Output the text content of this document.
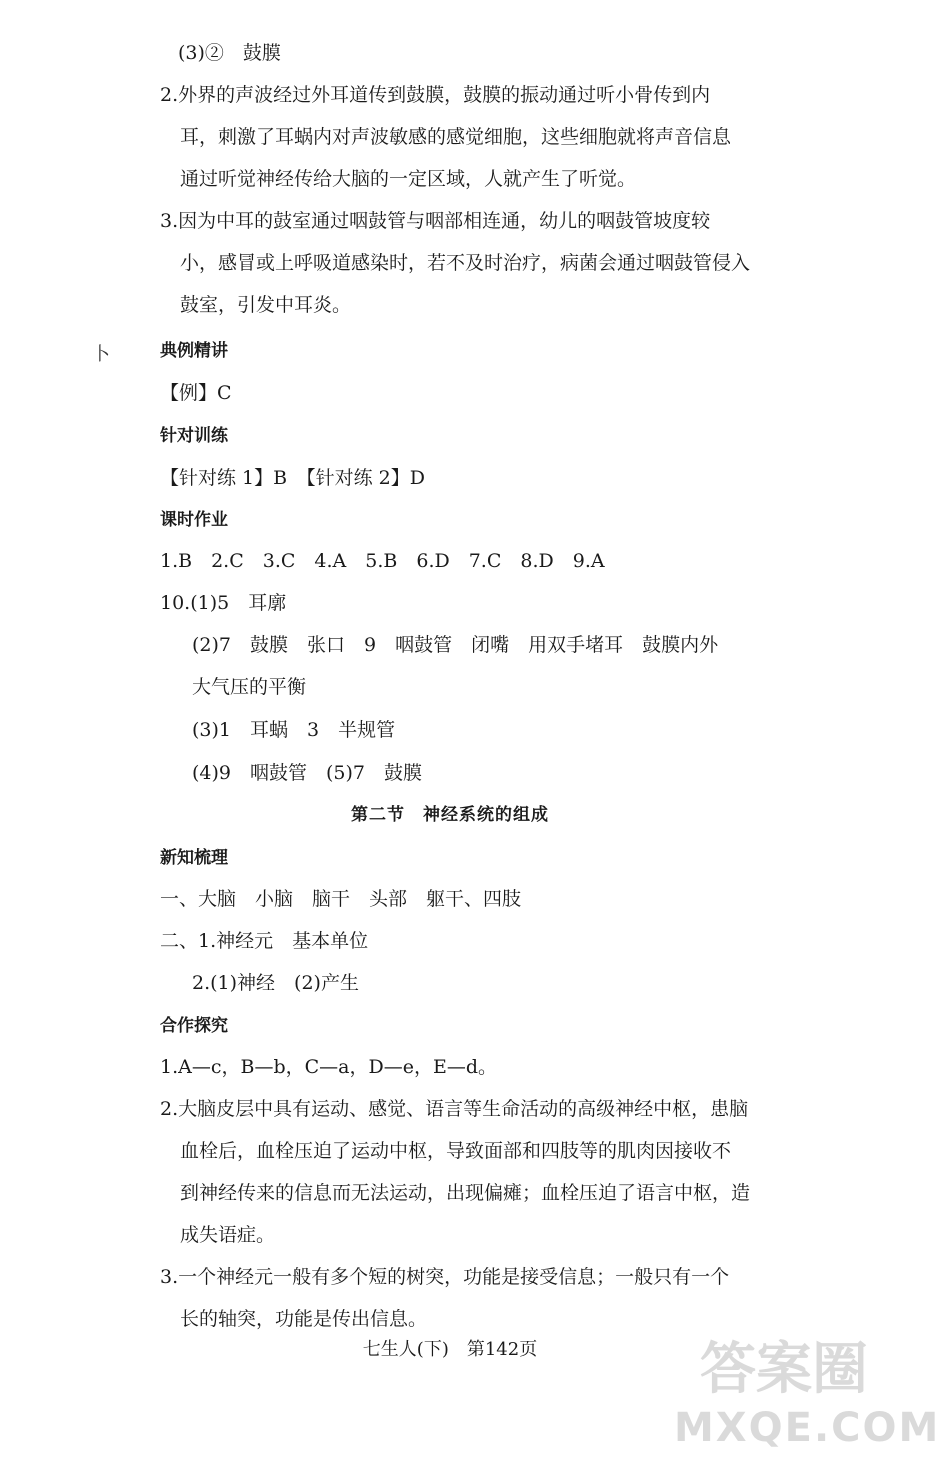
(3)②　鼓膜
2.外界的声波经过外耳道传到鼓膜，鼓膜的振动通过听小骨传到内
耳，刺激了耳蜗内对声波敏感的感觉细胞，这些细胞就将声音信息
通过听觉神经传给大脑的一定区域，人就产生了听觉。
3.因为中耳的鼓室通过咽鼓管与咽部相连通，幼儿的咽鼓管坡度较
小，感冒或上呼吸道感染时，若不及时治疗，病菌会通过咽鼓管侵入
鼓室，引发中耳炎。
卜	典例精讲
【例】C
针对训练
【针对练 1】B　【针对练 2】D
课时作业
1.B　2.C　3.C　4.A　5.B　6.D　7.C　8.D　9.A
10.(1)5　耳廓
(2)7　鼓膜　张口　9　咽鼓管　闭嘴　用双手堵耳　鼓膜内外
大气压的平衡
(3)1　耳蜗　3　半规管
(4)9　咽鼓管　(5)7　鼓膜
第二节　神经系统的组成
新知梳理
一、大脑　小脑　脑干　头部　躯干、四肢
二、1.神经元　基本单位
2.(1)神经　(2)产生
合作探究
1.A—c，B—b，C—a，D—e，E—d。
2.大脑皮层中具有运动、感觉、语言等生命活动的高级神经中枢，患脑
血栓后，血栓压迫了运动中枢，导致面部和四肢等的肌肉因接收不
到神经传来的信息而无法运动，出现偏瘫；血栓压迫了语言中枢，造
成失语症。
3.一个神经元一般有多个短的树突，功能是接受信息；一般只有一个
长的轴突，功能是传出信息。
七生人(下)　第142页	答案圈
MXQE.COM
